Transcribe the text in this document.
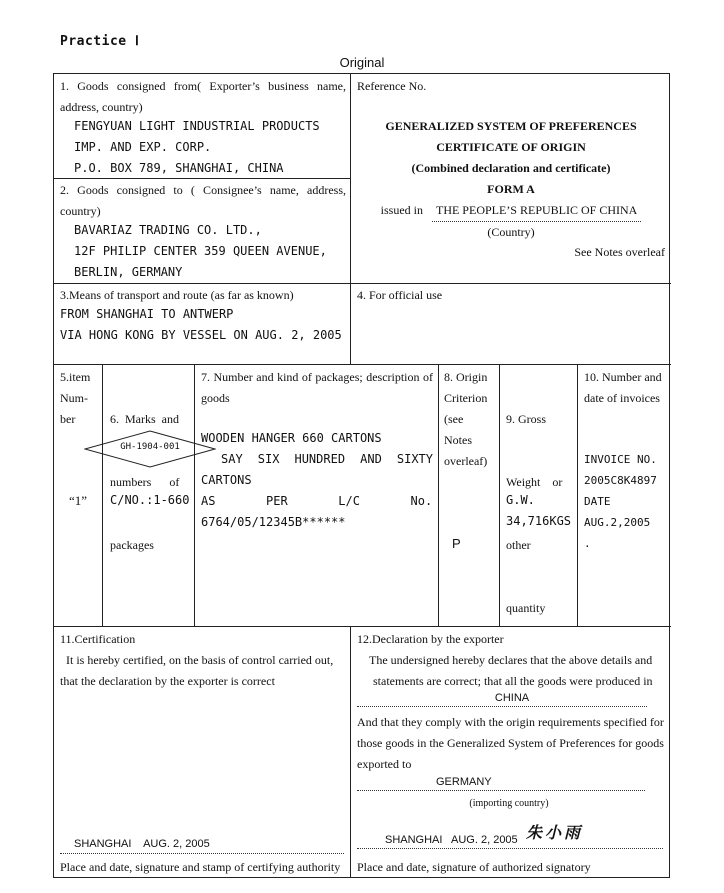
Practice Ⅰ
Original
1. Goods consigned from( Exporter’s business name,
address, country)
FENGYUAN LIGHT INDUSTRIAL PRODUCTS
IMP. AND EXP. CORP.
P.O. BOX 789, SHANGHAI, CHINA
2. Goods consigned to ( Consignee’s name, address,
country)
BAVARIAZ TRADING CO. LTD.,
12F PHILIP CENTER 359 QUEEN AVENUE,
BERLIN, GERMANY
Reference No.
GENERALIZED SYSTEM OF PREFERENCES
CERTIFICATE OF ORIGIN
(Combined declaration and certificate)
FORM A
issued in THE PEOPLE’S REPUBLIC OF CHINA
(Country)
See Notes overleaf
3.Means of transport and route (as far as known)
FROM SHANGHAI TO ANTWERP
VIA HONG KONG BY VESSEL ON AUG. 2, 2005
4. For official use
5.item
Num-
ber
“1”

6.  Marks  and

numbers      of

packages

C/NO.:1-660
7. Number and kind of packages; description of
goods
WOODEN HANGER 660 CARTONS
SAY SIX HUNDRED AND SIXTY
CARTONS
AS       PER       L/C       No.
6764/05/12345B******
8. Origin
Criterion
(see
Notes
overleaf)
P

9. Gross

Weight    or

other

quantity

G.W.
34,716KGS
10. Number and
date of invoices
INVOICE NO.
2005C8K4897
DATE
AUG.2,2005
.
11.Certification
It is hereby certified, on the basis of control carried out,
that the declaration by the exporter is correct
SHANGHAI    AUG. 2, 2005
Place and date, signature and stamp of certifying authority
12.Declaration by the exporter
The undersigned hereby declares that the above details and
statements are correct; that all the goods were produced in
CHINA
And that they comply with the origin requirements specified for
those goods in the Generalized System of Preferences for goods
exported to
GERMANY
(importing country)
SHANGHAI   AUG. 2, 2005 朱小雨
Place and date, signature of authorized signatory
GH-1904-001
